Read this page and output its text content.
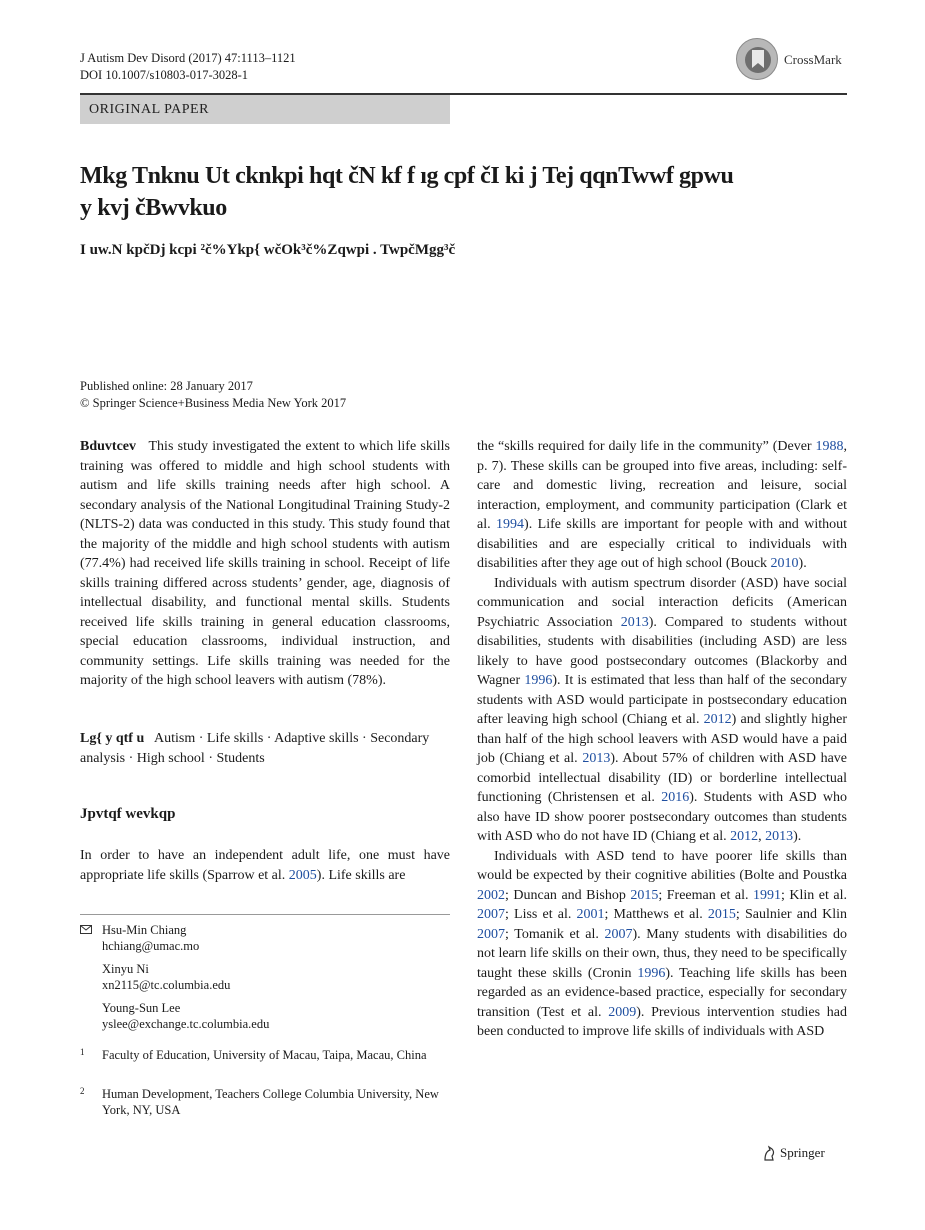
J Autism Dev Disord (2017) 47:1113–1121
DOI 10.1007/s10803-017-3028-1
CrossMark
ORIGINAL PAPER
Mkg Tnknu Ut cknkpi hqt čN kf f ıg cpf čI ki j Tej qqnTwwf gpwu
y kvj čBwvkuo
I uw.N kpčDj kcpi ²č%Ykp{ wčOk³č%Zqwpi . TwpčMgg³č
Published online: 28 January 2017
© Springer Science+Business Media New York 2017
Bduvtcev This study investigated the extent to which life skills training was offered to middle and high school students with autism and life skills training needs after high school. A secondary analysis of the National Longitudinal Training Study-2 (NLTS-2) data was conducted in this study. This study found that the majority of the middle and high school students with autism (77.4%) had received life skills training in school. Receipt of life skills training differed across students’ gender, age, diagnosis of intellectual disability, and functional mental skills. Students received life skills training in general education classrooms, special education classrooms, individual instruction, and community settings. Life skills training was needed for the majority of the high school leavers with autism (78%).
Lg{ y qtf u Autism · Life skills · Adaptive skills · Secondary analysis · High school · Students
Jpvtqf wevkqp
In order to have an independent adult life, one must have appropriate life skills (Sparrow et al. 2005). Life skills are
Hsu-Min Chiang
hchiang@umac.mo
Xinyu Ni
xn2115@tc.columbia.edu
Young-Sun Lee
yslee@exchange.tc.columbia.edu
1	Faculty of Education, University of Macau, Taipa, Macau, China
2	Human Development, Teachers College Columbia University, New York, NY, USA

the “skills required for daily life in the community” (Dever 1988, p. 7). These skills can be grouped into five areas, including: self-care and domestic living, recreation and leisure, social interaction, employment, and community participation (Clark et al. 1994). Life skills are important for people with and without disabilities and are especially critical to individuals with disabilities after they age out of high school (Bouck 2010).

Individuals with autism spectrum disorder (ASD) have social communication and social interaction deficits (American Psychiatric Association 2013). Compared to students without disabilities, students with disabilities (including ASD) are less likely to have good postsecondary outcomes (Blackorby and Wagner 1996). It is estimated that less than half of the secondary students with ASD would participate in postsecondary education after leaving high school (Chiang et al. 2012) and slightly higher than half of the high school leavers with ASD would have a paid job (Chiang et al. 2013). About 57% of children with ASD have comorbid intellectual disability (ID) or borderline intellectual functioning (Christensen et al. 2016). Students with ASD who also have ID show poorer postsecondary outcomes than students with ASD who do not have ID (Chiang et al. 2012, 2013).

Individuals with ASD tend to have poorer life skills than would be expected by their cognitive abilities (Bolte and Poustka 2002; Duncan and Bishop 2015; Freeman et al. 1991; Klin et al. 2007; Liss et al. 2001; Matthews et al. 2015; Saulnier and Klin 2007; Tomanik et al. 2007). Many students with disabilities do not learn life skills on their own, thus, they need to be specifically taught these skills (Cronin 1996). Teaching life skills has been regarded as an evidence-based practice, especially for secondary transition (Test et al. 2009). Previous intervention studies had been conducted to improve life skills of individuals with ASD

Springer
